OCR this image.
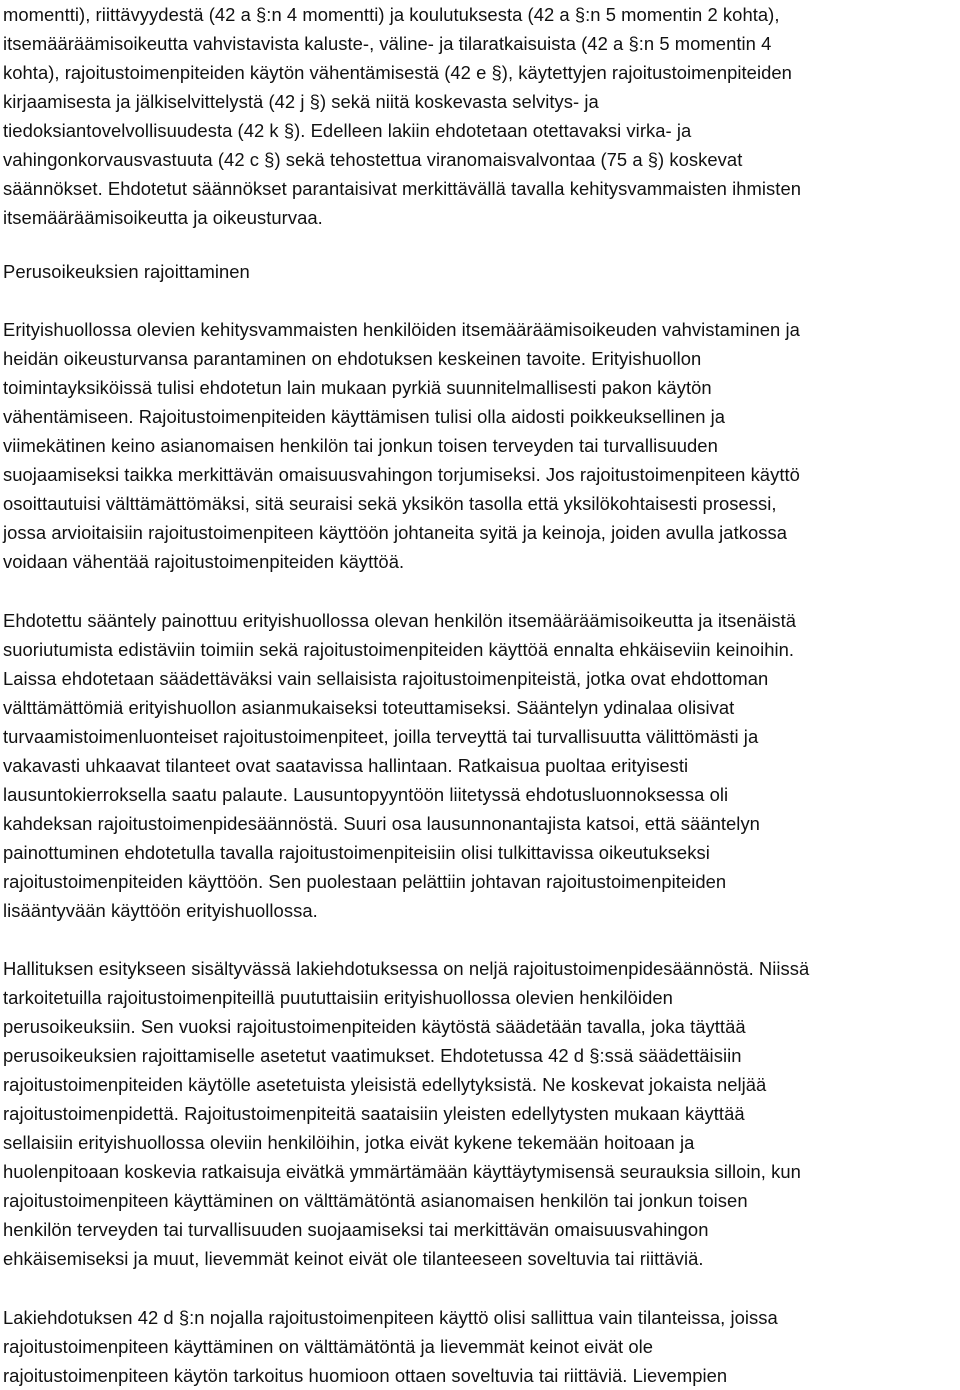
momentti), riittävyydestä (42 a §:n 4 momentti) ja koulutuksesta (42 a §:n 5 momentin 2 kohta),
itsemääräämisoikeutta vahvistavista kaluste-, väline- ja tilaratkaisuista (42 a §:n 5 momentin 4
kohta), rajoitustoimenpiteiden käytön vähentämisestä (42 e §), käytettyjen rajoitustoimenpiteiden
kirjaamisesta ja jälkiselvittelystä (42 j §) sekä niitä koskevasta selvitys- ja
tiedoksiantovelvollisuudesta (42 k §). Edelleen lakiin ehdotetaan otettavaksi virka- ja
vahingonkorvausvastuuta (42 c §) sekä tehostettua viranomaisvalvontaa (75 a §) koskevat
säännökset. Ehdotetut säännökset parantaisivat merkittävällä tavalla kehitysvammaisten ihmisten
itsemääräämisoikeutta ja oikeusturvaa.
Perusoikeuksien rajoittaminen
Erityishuollossa olevien kehitysvammaisten henkilöiden itsemääräämisoikeuden vahvistaminen ja
heidän oikeusturvansa parantaminen on ehdotuksen keskeinen tavoite. Erityishuollon
toimintayksiköissä tulisi ehdotetun lain mukaan pyrkiä suunnitelmallisesti pakon käytön
vähentämiseen. Rajoitustoimenpiteiden käyttämisen tulisi olla aidosti poikkeuksellinen ja
viimekätinen keino asianomaisen henkilön tai jonkun toisen terveyden tai turvallisuuden
suojaamiseksi taikka merkittävän omaisuusvahingon torjumiseksi. Jos rajoitustoimenpiteen käyttö
osoittautuisi välttämättömäksi, sitä seuraisi sekä yksikön tasolla että yksilökohtaisesti prosessi,
jossa arvioitaisiin rajoitustoimenpiteen käyttöön johtaneita syitä ja keinoja, joiden avulla jatkossa
voidaan vähentää rajoitustoimenpiteiden käyttöä.
Ehdotettu sääntely painottuu erityishuollossa olevan henkilön itsemääräämisoikeutta ja itsenäistä
suoriutumista edistäviin toimiin sekä rajoitustoimenpiteiden käyttöä ennalta ehkäiseviin keinoihin.
Laissa ehdotetaan säädettäväksi vain sellaisista rajoitustoimenpiteistä, jotka ovat ehdottoman
välttämättömiä erityishuollon asianmukaiseksi toteuttamiseksi. Sääntelyn ydinalaa olisivat
turvaamistoimenluonteiset rajoitustoimenpiteet, joilla terveyttä tai turvallisuutta välittömästi ja
vakavasti uhkaavat tilanteet ovat saatavissa hallintaan. Ratkaisua puoltaa erityisesti
lausuntokierroksella saatu palaute. Lausuntopyyntöön liitetyssä ehdotusluonnoksessa oli
kahdeksan rajoitustoimenpidesäännöstä. Suuri osa lausunnonantajista katsoi, että sääntelyn
painottuminen ehdotetulla tavalla rajoitustoimenpiteisiin olisi tulkittavissa oikeutukseksi
rajoitustoimenpiteiden käyttöön. Sen puolestaan pelättiin johtavan rajoitustoimenpiteiden
lisääntyvään käyttöön erityishuollossa.
Hallituksen esitykseen sisältyvässä lakiehdotuksessa on neljä rajoitustoimenpidesäännöstä. Niissä
tarkoitetuilla rajoitustoimenpiteillä puututtaisiin erityishuollossa olevien henkilöiden
perusoikeuksiin. Sen vuoksi rajoitustoimenpiteiden käytöstä säädetään tavalla, joka täyttää
perusoikeuksien rajoittamiselle asetetut vaatimukset. Ehdotetussa 42 d §:ssä säädettäisiin
rajoitustoimenpiteiden käytölle asetetuista yleisistä edellytyksistä. Ne koskevat jokaista neljää
rajoitustoimenpidettä. Rajoitustoimenpiteitä saataisiin yleisten edellytysten mukaan käyttää
sellaisiin erityishuollossa oleviin henkilöihin, jotka eivät kykene tekemään hoitoaan ja
huolenpitoaan koskevia ratkaisuja eivätkä ymmärtämään käyttäytymisensä seurauksia silloin, kun
rajoitustoimenpiteen käyttäminen on välttämätöntä asianomaisen henkilön tai jonkun toisen
henkilön terveyden tai turvallisuuden suojaamiseksi tai merkittävän omaisuusvahingon
ehkäisemiseksi ja muut, lievemmät keinot eivät ole tilanteeseen soveltuvia tai riittäviä.
Lakiehdotuksen 42 d §:n nojalla rajoitustoimenpiteen käyttö olisi sallittua vain tilanteissa, joissa
rajoitustoimenpiteen käyttäminen on välttämätöntä ja lievemmät keinot eivät ole
rajoitustoimenpiteen käytön tarkoitus huomioon ottaen soveltuvia tai riittäviä. Lievempien
